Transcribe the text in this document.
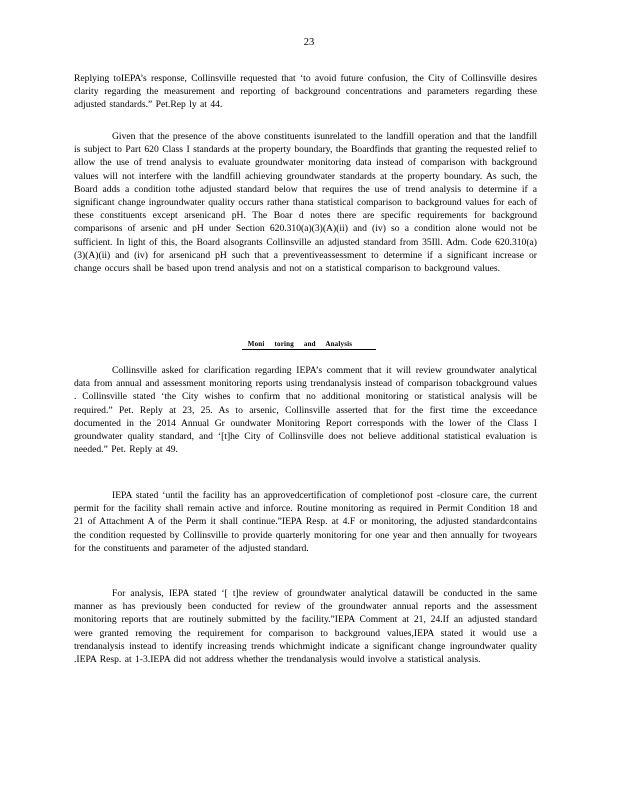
23
Replying toIEPA’s response, Collinsville requested that ‘to avoid future confusion, the City of Collinsville desires clarity regarding the measurement and reporting of background concentrations and parameters regarding these adjusted standards.” Pet.Rep ly at 44.
Given that the presence of the above constituents isunrelated to the landfill operation and that the landfill is subject to Part 620 Class I standards at the property boundary, the Boardfinds that granting the requested relief to allow the use of trend analysis to evaluate groundwater monitoring data instead of comparison with background values will not interfere with the landfill achieving groundwater standards at the property boundary. As such, the Board adds a condition tothe adjusted standard below that requires the use of trend analysis to determine if a significant change ingroundwater quality occurs rather thana statistical comparison to background values for each of these constituents except arsenicand pH. The Boar d notes there are specific requirements for background comparisons of arsenic and pH under Section 620.310(a)(3)(A)(ii) and (iv) so a condition alone would not be sufficient. In light of this, the Board alsogrants Collinsville an adjusted standard from 35Ill. Adm. Code 620.310(a)(3)(A)(ii) and (iv) for arsenicand pH such that a preventiveassessment to determine if a significant increase or change occurs shall be based upon trend analysis and not on a statistical comparison to background values.
Moni toring and Analysis
Collinsville asked for clarification regarding IEPA’s comment that it will review groundwater analytical data from annual and assessment monitoring reports using trendanalysis instead of comparison tobackground values . Collinsville stated ‘the City wishes to confirm that no additional monitoring or statistical analysis will be required.” Pet. Reply at 23, 25. As to arsenic, Collinsville asserted that for the first time the exceedance documented in the 2014 Annual Gr oundwater Monitoring Report corresponds with the lower of the Class I groundwater quality standard, and ‘[t]he City of Collinsville does not believe additional statistical evaluation is needed.” Pet. Reply at 49.
IEPA stated ‘until the facility has an approvedcertification of completionof post -closure care, the current permit for the facility shall remain active and inforce. Routine monitoring as required in Permit Condition 18 and 21 of Attachment A of the Perm it shall continue.”IEPA Resp. at 4.F or monitoring, the adjusted standardcontains the condition requested by Collinsville to provide quarterly monitoring for one year and then annually for twoyears for the constituents and parameter of the adjusted standard.
For analysis, IEPA stated ‘[ t]he review of groundwater analytical datawill be conducted in the same manner as has previously been conducted for review of the groundwater annual reports and the assessment monitoring reports that are routinely submitted by the facility.”IEPA Comment at 21, 24.If an adjusted standard were granted removing the requirement for comparison to background values,IEPA stated it would use a trendanalysis instead to identify increasing trends whichmight indicate a significant change ingroundwater quality .IEPA Resp. at 1-3.IEPA did not address whether the trendanalysis would involve a statistical analysis.
